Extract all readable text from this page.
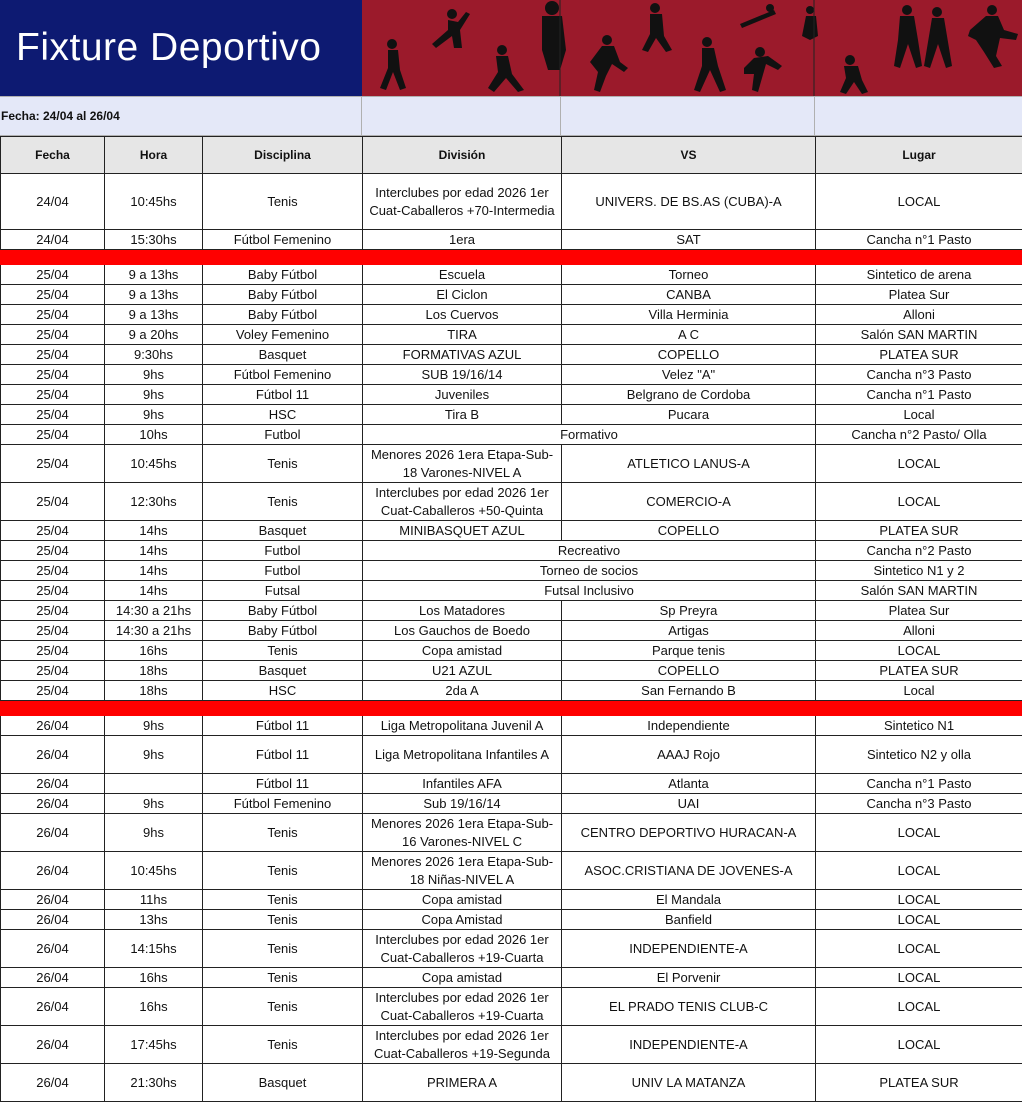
Fixture Deportivo
Fecha: 24/04 al 26/04
Fecha	Hora	Disciplina	División	VS	Lugar
24/04	10:45hs	Tenis	Interclubes por edad 2026 1er Cuat-Caballeros +70-Intermedia	UNIVERS. DE BS.AS (CUBA)-A	LOCAL
24/04	15:30hs	Fútbol Femenino	1era	SAT	Cancha n°1 Pasto

25/04	9 a 13hs	Baby Fútbol	Escuela	Torneo	Sintetico de arena
25/04	9 a 13hs	Baby Fútbol	El Ciclon	CANBA	Platea Sur
25/04	9 a 13hs	Baby Fútbol	Los Cuervos	Villa Herminia	Alloni
25/04	9 a 20hs	Voley Femenino	TIRA	A C	Salón SAN MARTIN
25/04	9:30hs	Basquet	FORMATIVAS AZUL	COPELLO	PLATEA SUR
25/04	9hs	Fútbol Femenino	SUB 19/16/14	Velez "A"	Cancha n°3 Pasto
25/04	9hs	Fútbol 11	Juveniles	Belgrano de Cordoba	Cancha n°1 Pasto
25/04	9hs	HSC	Tira B	Pucara	Local
25/04	10hs	Futbol	Formativo		Cancha n°2 Pasto/ Olla
25/04	10:45hs	Tenis	Menores 2026 1era Etapa-Sub-18 Varones-NIVEL A	ATLETICO LANUS-A	LOCAL
25/04	12:30hs	Tenis	Interclubes por edad 2026 1er Cuat-Caballeros +50-Quinta	COMERCIO-A	LOCAL
25/04	14hs	Basquet	MINIBASQUET AZUL	COPELLO	PLATEA SUR
25/04	14hs	Futbol	Recreativo		Cancha n°2 Pasto
25/04	14hs	Futbol	Torneo de socios		Sintetico N1 y 2
25/04	14hs	Futsal	Futsal Inclusivo		Salón SAN MARTIN
25/04	14:30 a 21hs	Baby Fútbol	Los Matadores	Sp Preyra	Platea Sur
25/04	14:30 a 21hs	Baby Fútbol	Los Gauchos de Boedo	Artigas	Alloni
25/04	16hs	Tenis	Copa amistad	Parque tenis	LOCAL
25/04	18hs	Basquet	U21 AZUL	COPELLO	PLATEA SUR
25/04	18hs	HSC	2da A	San Fernando B	Local

26/04	9hs	Fútbol 11	Liga Metropolitana Juvenil A	Independiente	Sintetico N1
26/04	9hs	Fútbol 11	Liga Metropolitana Infantiles A	AAAJ Rojo	Sintetico N2 y olla
26/04		Fútbol 11	Infantiles AFA	Atlanta	Cancha n°1 Pasto
26/04	9hs	Fútbol Femenino	Sub 19/16/14	UAI	Cancha n°3 Pasto
26/04	9hs	Tenis	Menores 2026 1era Etapa-Sub-16 Varones-NIVEL C	CENTRO DEPORTIVO HURACAN-A	LOCAL
26/04	10:45hs	Tenis	Menores 2026 1era Etapa-Sub-18 Niñas-NIVEL A	ASOC.CRISTIANA DE JOVENES-A	LOCAL
26/04	11hs	Tenis	Copa amistad	El Mandala	LOCAL
26/04	13hs	Tenis	Copa Amistad	Banfield	LOCAL
26/04	14:15hs	Tenis	Interclubes por edad 2026 1er Cuat-Caballeros +19-Cuarta	INDEPENDIENTE-A	LOCAL
26/04	16hs	Tenis	Copa amistad	El Porvenir	LOCAL
26/04	16hs	Tenis	Interclubes por edad 2026 1er Cuat-Caballeros +19-Cuarta	EL PRADO TENIS CLUB-C	LOCAL
26/04	17:45hs	Tenis	Interclubes por edad 2026 1er Cuat-Caballeros +19-Segunda	INDEPENDIENTE-A	LOCAL
26/04	21:30hs	Basquet	PRIMERA A	UNIV LA MATANZA	PLATEA SUR
